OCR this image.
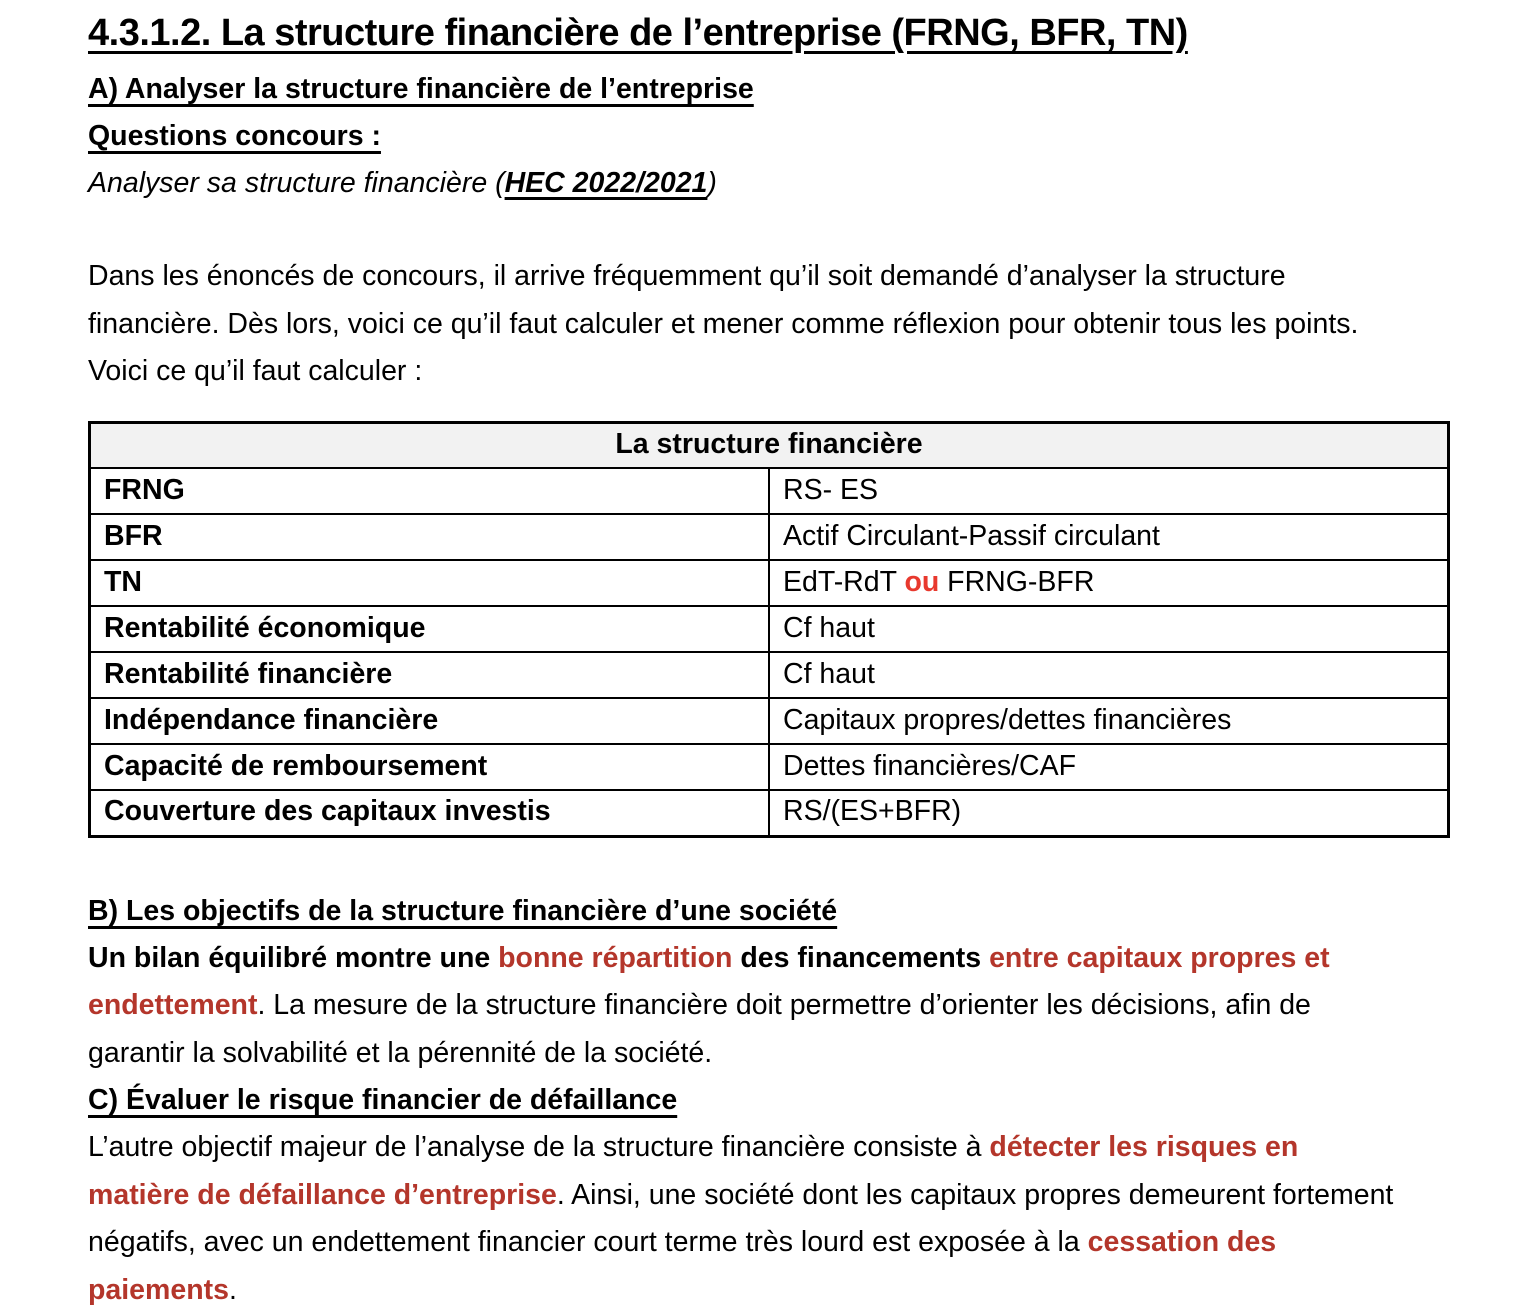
4.3.1.2. La structure financière de l’entreprise (FRNG, BFR, TN)
A) Analyser la structure financière de l’entreprise
Questions concours :

Analyser sa structure financière (HEC 2022/2021)

Dans les énoncés de concours, il arrive fréquemment qu’il soit demandé d’analyser la structure financière. Dès lors, voici ce qu’il faut calculer et mener comme réflexion pour obtenir tous les points. Voici ce qu’il faut calculer :

La structure financière	
FRNG	RS- ES
BFR	Actif Circulant-Passif circulant
TN	EdT-RdT ou FRNG-BFR
Rentabilité économique	Cf haut
Rentabilité financière	Cf haut
Indépendance financière	Capitaux propres/dettes financières
Capacité de remboursement	Dettes financières/CAF
Couverture des capitaux investis	RS/(ES+BFR)
B) Les objectifs de la structure financière d’une société

Un bilan équilibré montre une bonne répartition des financements entre capitaux propres et endettement. La mesure de la structure financière doit permettre d’orienter les décisions, afin de garantir la solvabilité et la pérennité de la société.

C) Évaluer le risque financier de défaillance

L’autre objectif majeur de l’analyse de la structure financière consiste à détecter les risques en matière de défaillance d’entreprise. Ainsi, une société dont les capitaux propres demeurent fortement négatifs, avec un endettement financier court terme très lourd est exposée à la cessation des paiements.
